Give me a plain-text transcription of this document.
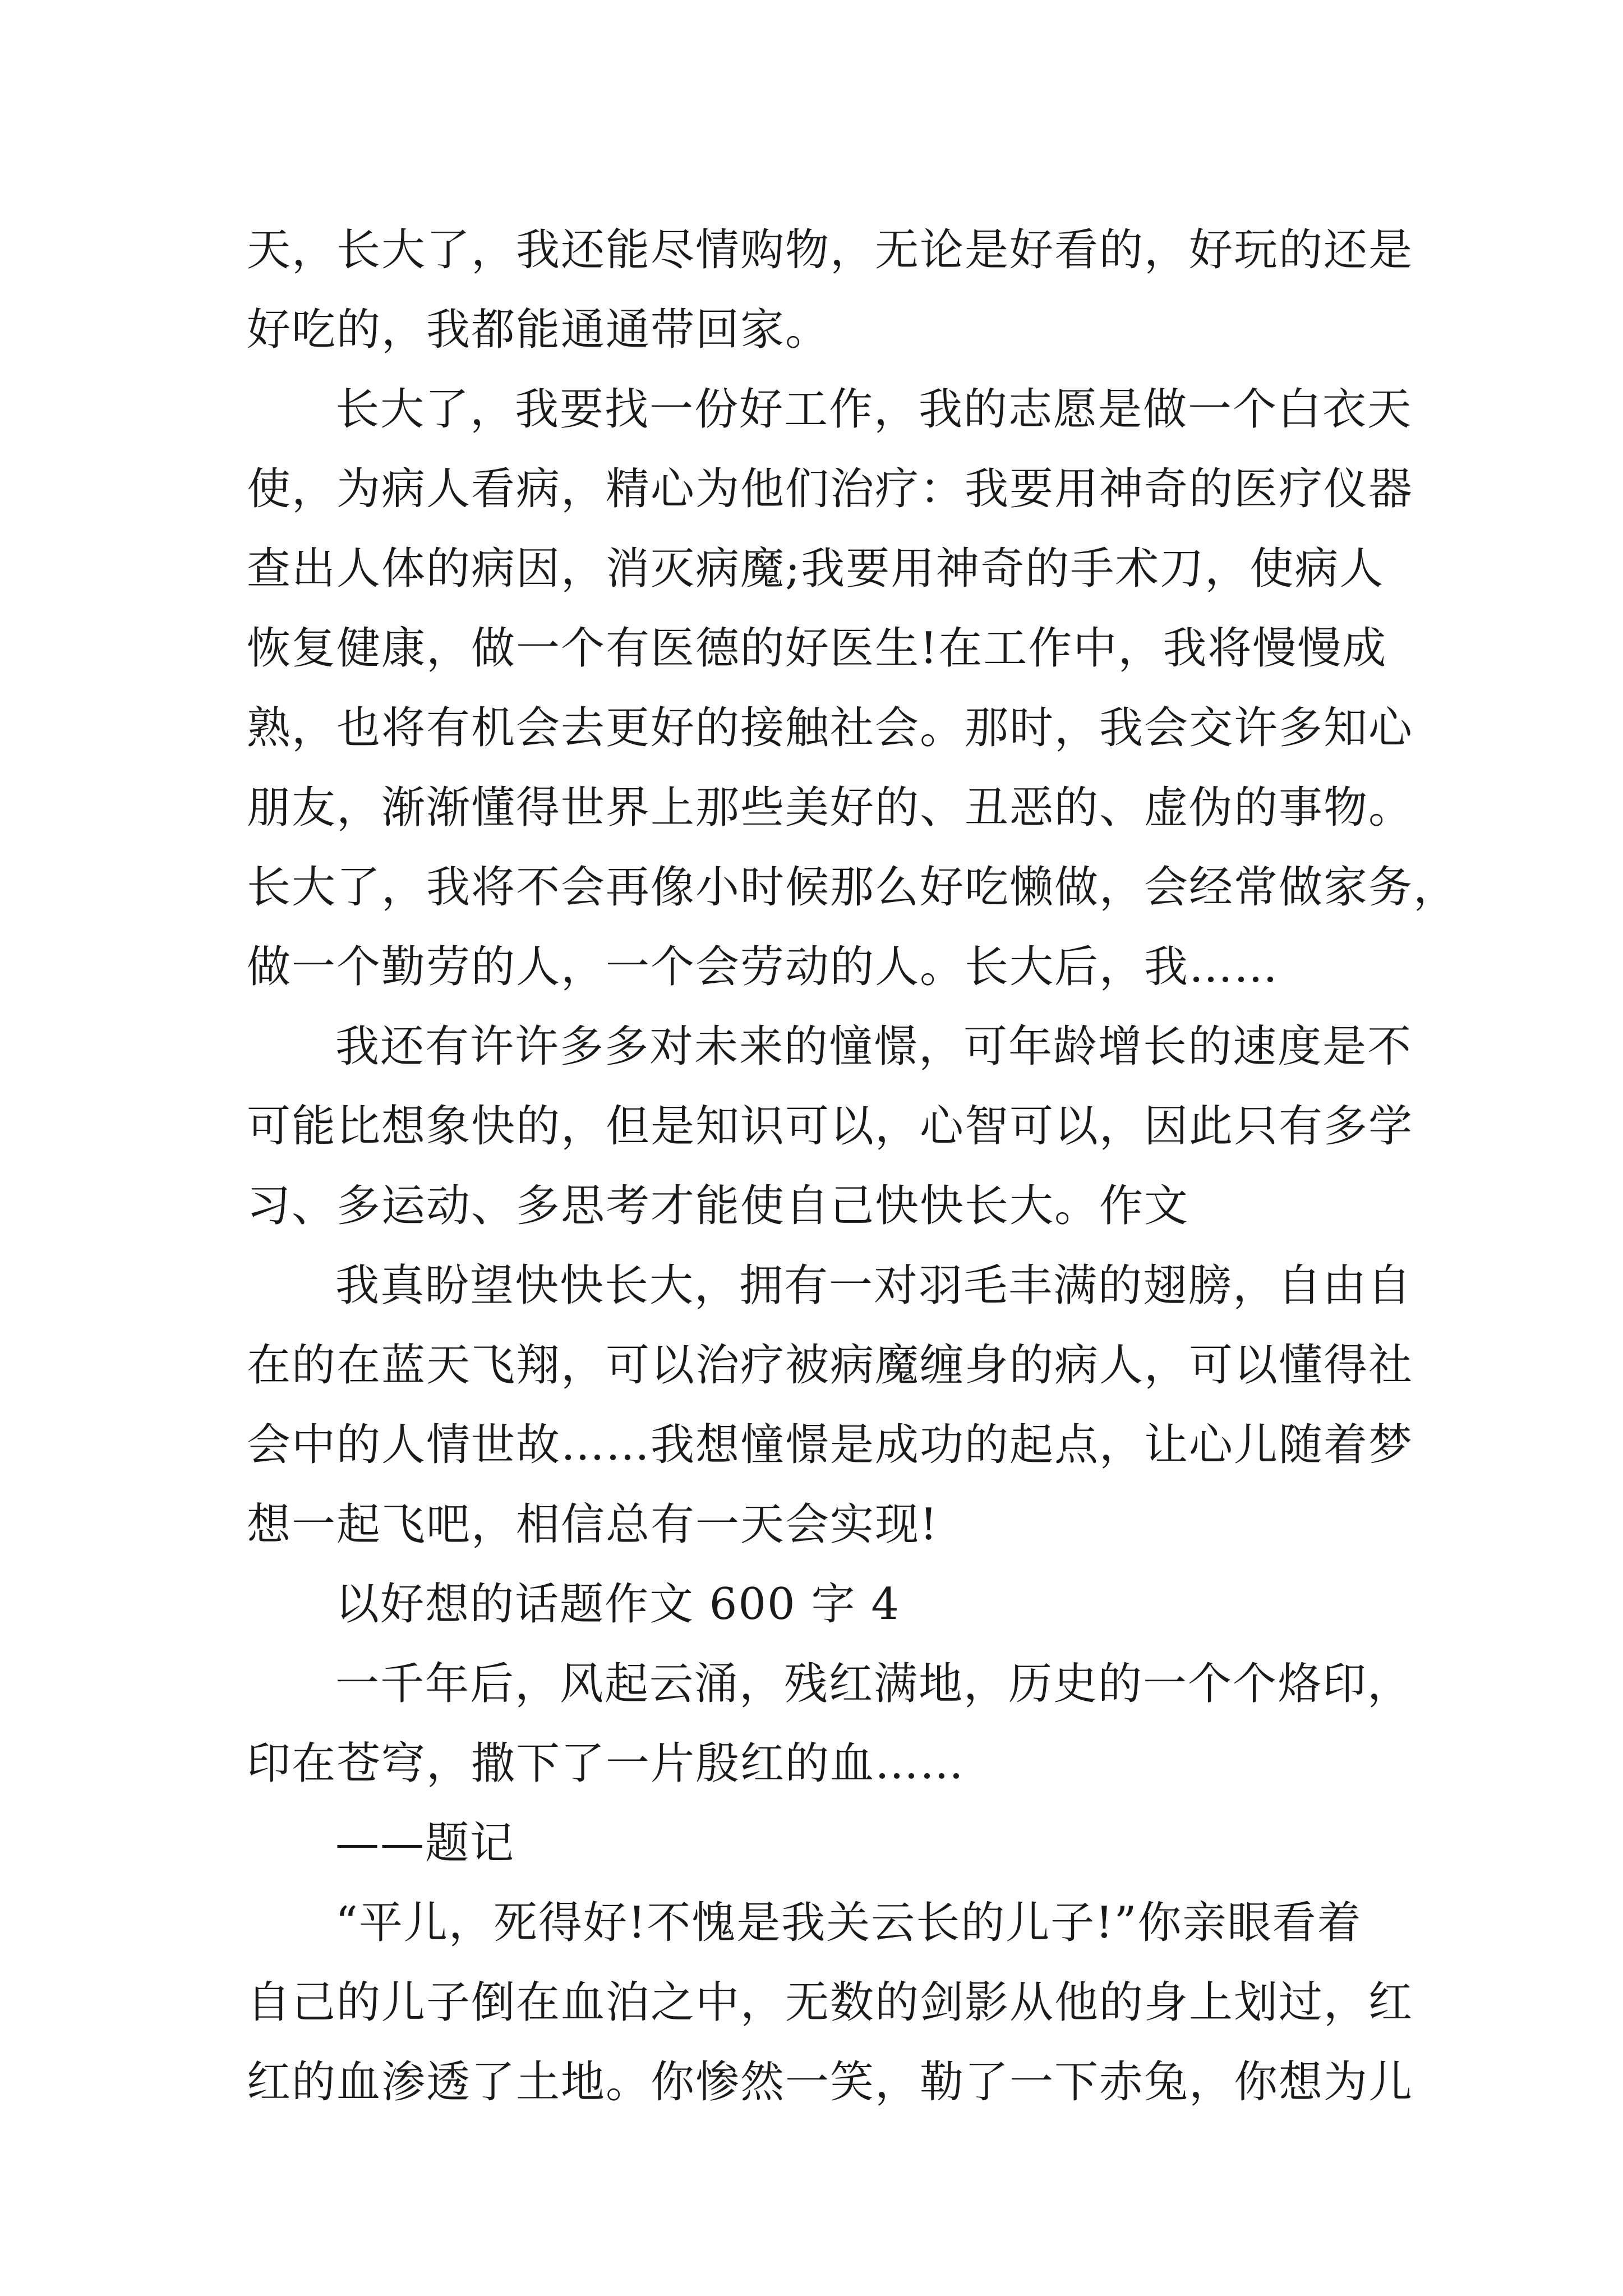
天，长大了，我还能尽情购物，无论是好看的，好玩的还是
好吃的，我都能通通带回家。
长大了，我要找一份好工作，我的志愿是做一个白衣天
使，为病人看病，精心为他们治疗：我要用神奇的医疗仪器
查出人体的病因，消灭病魔;我要用神奇的手术刀，使病人
恢复健康，做一个有医德的好医生!在工作中，我将慢慢成
熟，也将有机会去更好的接触社会。那时，我会交许多知心
朋友，渐渐懂得世界上那些美好的、丑恶的、虚伪的事物。
长大了，我将不会再像小时候那么好吃懒做，会经常做家务，
做一个勤劳的人，一个会劳动的人。长大后，我……
我还有许许多多对未来的憧憬，可年龄增长的速度是不
可能比想象快的，但是知识可以，心智可以，因此只有多学
习、多运动、多思考才能使自己快快长大。作文
我真盼望快快长大，拥有一对羽毛丰满的翅膀，自由自
在的在蓝天飞翔，可以治疗被病魔缠身的病人，可以懂得社
会中的人情世故……我想憧憬是成功的起点，让心儿随着梦
想一起飞吧，相信总有一天会实现!
以好想的话题作文 600 字 4
一千年后，风起云涌，残红满地，历史的一个个烙印，
印在苍穹，撒下了一片殷红的血……
——题记
“平儿，死得好!不愧是我关云长的儿子!”你亲眼看着
自己的儿子倒在血泊之中，无数的剑影从他的身上划过，红
红的血渗透了土地。你惨然一笑，勒了一下赤兔，你想为儿
